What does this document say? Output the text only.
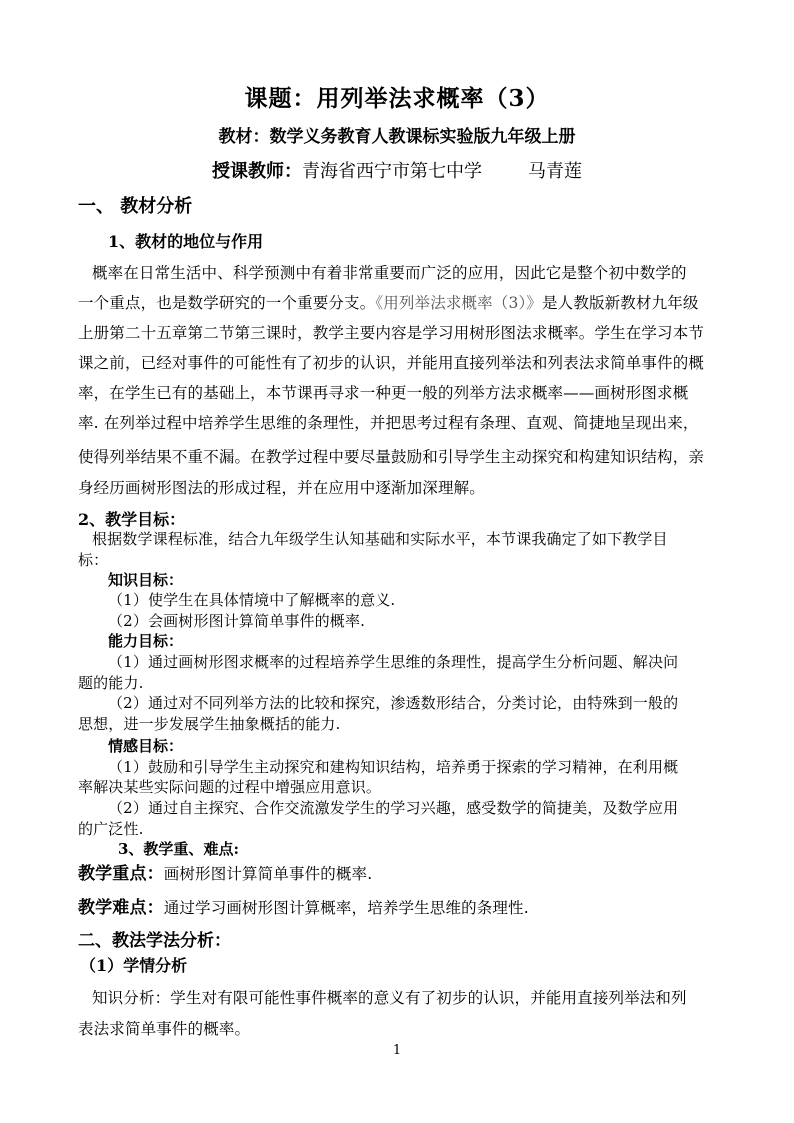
课题：用列举法求概率（3）
教材：数学义务教育人教课标实验版九年级上册
授课教师：青海省西宁市第七中学	马青莲
一、 教材分析
1、教材的地位与作用
概率在日常生活中、科学预测中有着非常重要而广泛的应用，因此它是整个初中数学的
一个重点，也是数学研究的一个重要分支。《用列举法求概率（3）》是人教版新教材九年级
上册第二十五章第二节第三课时，教学主要内容是学习用树形图法求概率。学生在学习本节
课之前，已经对事件的可能性有了初步的认识，并能用直接列举法和列表法求简单事件的概
率，在学生已有的基础上，本节课再寻求一种更一般的列举方法求概率——画树形图求概
率. 在列举过程中培养学生思维的条理性，并把思考过程有条理、直观、简捷地呈现出来，
使得列举结果不重不漏。在教学过程中要尽量鼓励和引导学生主动探究和构建知识结构，亲
身经历画树形图法的形成过程，并在应用中逐渐加深理解。
2、教学目标：
根据数学课程标准，结合九年级学生认知基础和实际水平，本节课我确定了如下教学目
标：
知识目标：
（1）使学生在具体情境中了解概率的意义.
（2）会画树形图计算简单事件的概率.
能力目标：
（1）通过画树形图求概率的过程培养学生思维的条理性，提高学生分析问题、解决问
题的能力.
（2）通过对不同列举方法的比较和探究，渗透数形结合，分类讨论，由特殊到一般的
思想，进一步发展学生抽象概括的能力.
情感目标：
（1）鼓励和引导学生主动探究和建构知识结构，培养勇于探索的学习精神，在利用概
率解决某些实际问题的过程中增强应用意识。
（2）通过自主探究、合作交流激发学生的学习兴趣，感受数学的简捷美，及数学应用
的广泛性.
3、教学重、难点:
教学重点：画树形图计算简单事件的概率.
教学难点：通过学习画树形图计算概率，培养学生思维的条理性.
二、教法学法分析：
（1）学情分析
知识分析：学生对有限可能性事件概率的意义有了初步的认识，并能用直接列举法和列
表法求简单事件的概率。
1
